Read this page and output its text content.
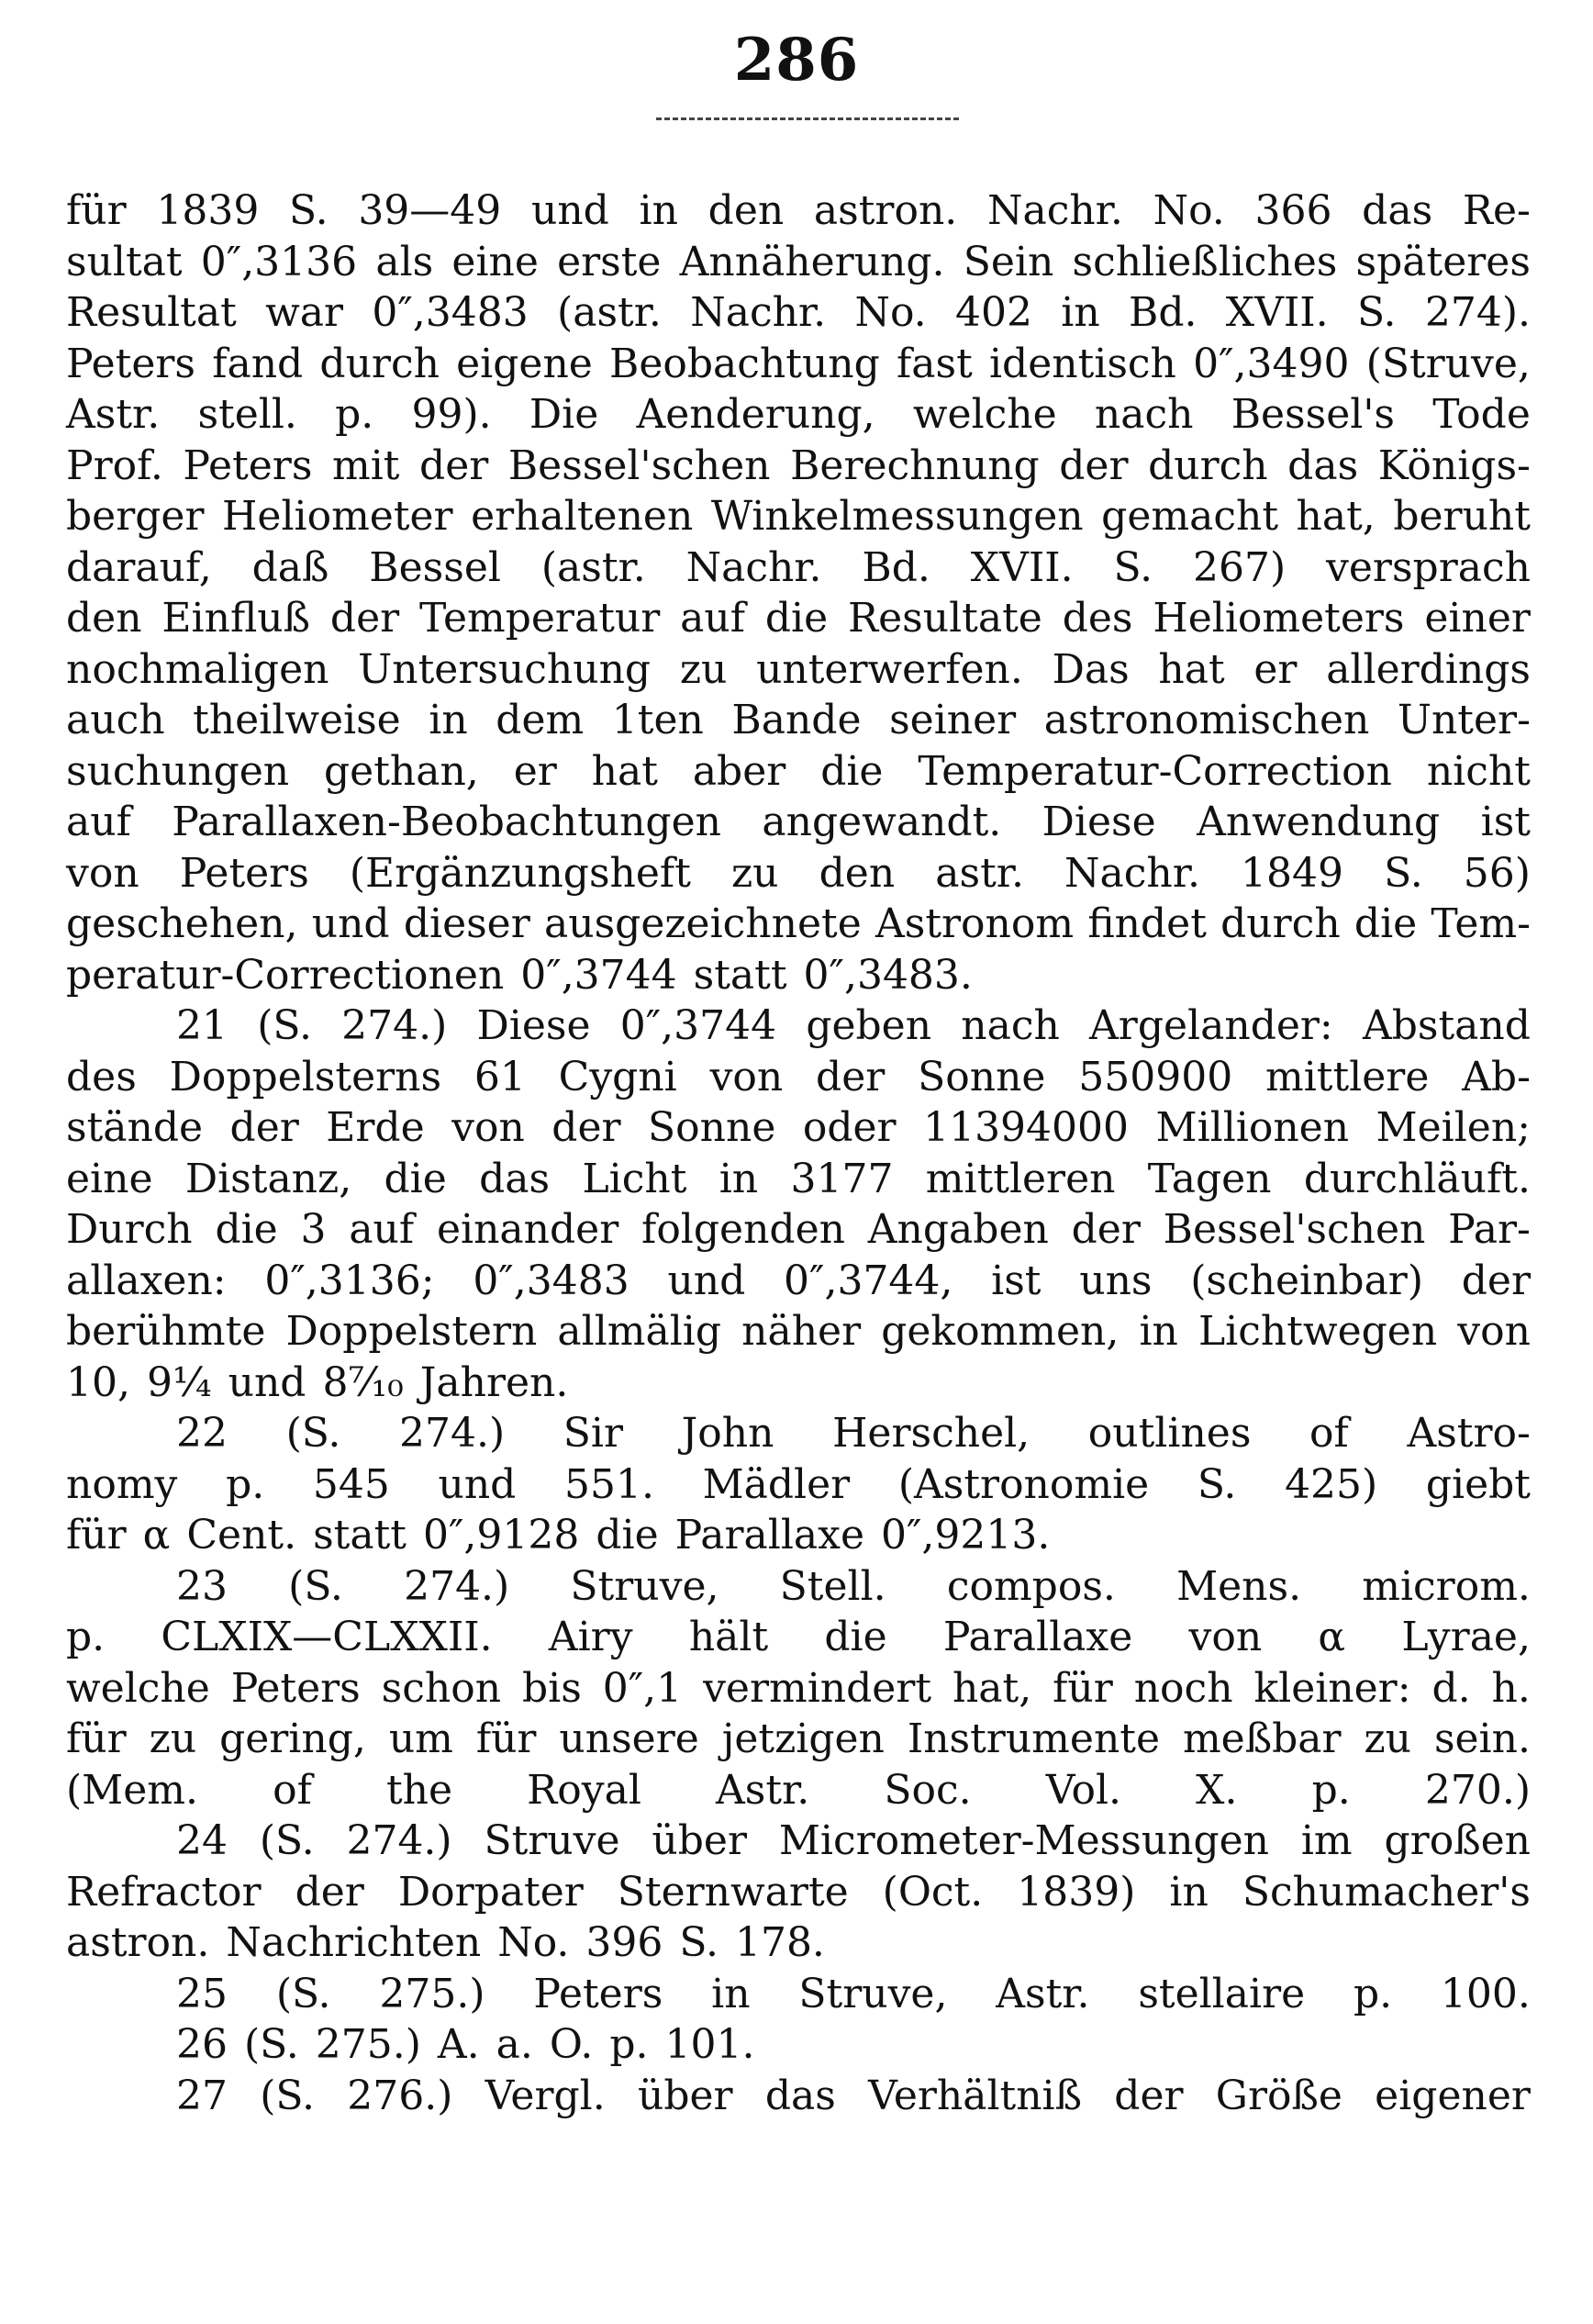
286
für 1839 S. 39—49 und in den astron. Nachr. No. 366 das Re-
sultat 0″,3136 als eine erste Annäherung. Sein schließliches späteres
Resultat war 0″,3483 (astr. Nachr. No. 402 in Bd. XVII. S. 274).
Peters fand durch eigene Beobachtung fast identisch 0″,3490 (Struve,
Astr. stell. p. 99). Die Aenderung, welche nach Bessel's Tode
Prof. Peters mit der Bessel'schen Berechnung der durch das Königs-
berger Heliometer erhaltenen Winkelmessungen gemacht hat, beruht
darauf, daß Bessel (astr. Nachr. Bd. XVII. S. 267) versprach
den Einfluß der Temperatur auf die Resultate des Heliometers einer
nochmaligen Untersuchung zu unterwerfen. Das hat er allerdings
auch theilweise in dem 1ten Bande seiner astronomischen Unter-
suchungen gethan, er hat aber die Temperatur-Correction nicht
auf Parallaxen-Beobachtungen angewandt. Diese Anwendung ist
von Peters (Ergänzungsheft zu den astr. Nachr. 1849 S. 56)
geschehen, und dieser ausgezeichnete Astronom findet durch die Tem-
peratur-Correctionen 0″,3744 statt 0″,3483.
21 (S. 274.) Diese 0″,3744 geben nach Argelander: Abstand
des Doppelsterns 61 Cygni von der Sonne 550900 mittlere Ab-
stände der Erde von der Sonne oder 11394000 Millionen Meilen;
eine Distanz, die das Licht in 3177 mittleren Tagen durchläuft.
Durch die 3 auf einander folgenden Angaben der Bessel'schen Par-
allaxen: 0″,3136; 0″,3483 und 0″,3744, ist uns (scheinbar) der
berühmte Doppelstern allmälig näher gekommen, in Lichtwegen von
10, 9¼ und 8⁷⁄₁₀ Jahren.
22 (S. 274.) Sir John Herschel, outlines of Astro-
nomy p. 545 und 551. Mädler (Astronomie S. 425) giebt
für α Cent. statt 0″,9128 die Parallaxe 0″,9213.
23 (S. 274.) Struve, Stell. compos. Mens. microm.
p. CLXIX—CLXXII. Airy hält die Parallaxe von α Lyrae,
welche Peters schon bis 0″,1 vermindert hat, für noch kleiner: d. h.
für zu gering, um für unsere jetzigen Instrumente meßbar zu sein.
(Mem. of the Royal Astr. Soc. Vol. X. p. 270.)
24 (S. 274.) Struve über Micrometer-Messungen im großen
Refractor der Dorpater Sternwarte (Oct. 1839) in Schumacher's
astron. Nachrichten No. 396 S. 178.
25 (S. 275.) Peters in Struve, Astr. stellaire p. 100.
26 (S. 275.) A. a. O. p. 101.
27 (S. 276.) Vergl. über das Verhältniß der Größe eigener
